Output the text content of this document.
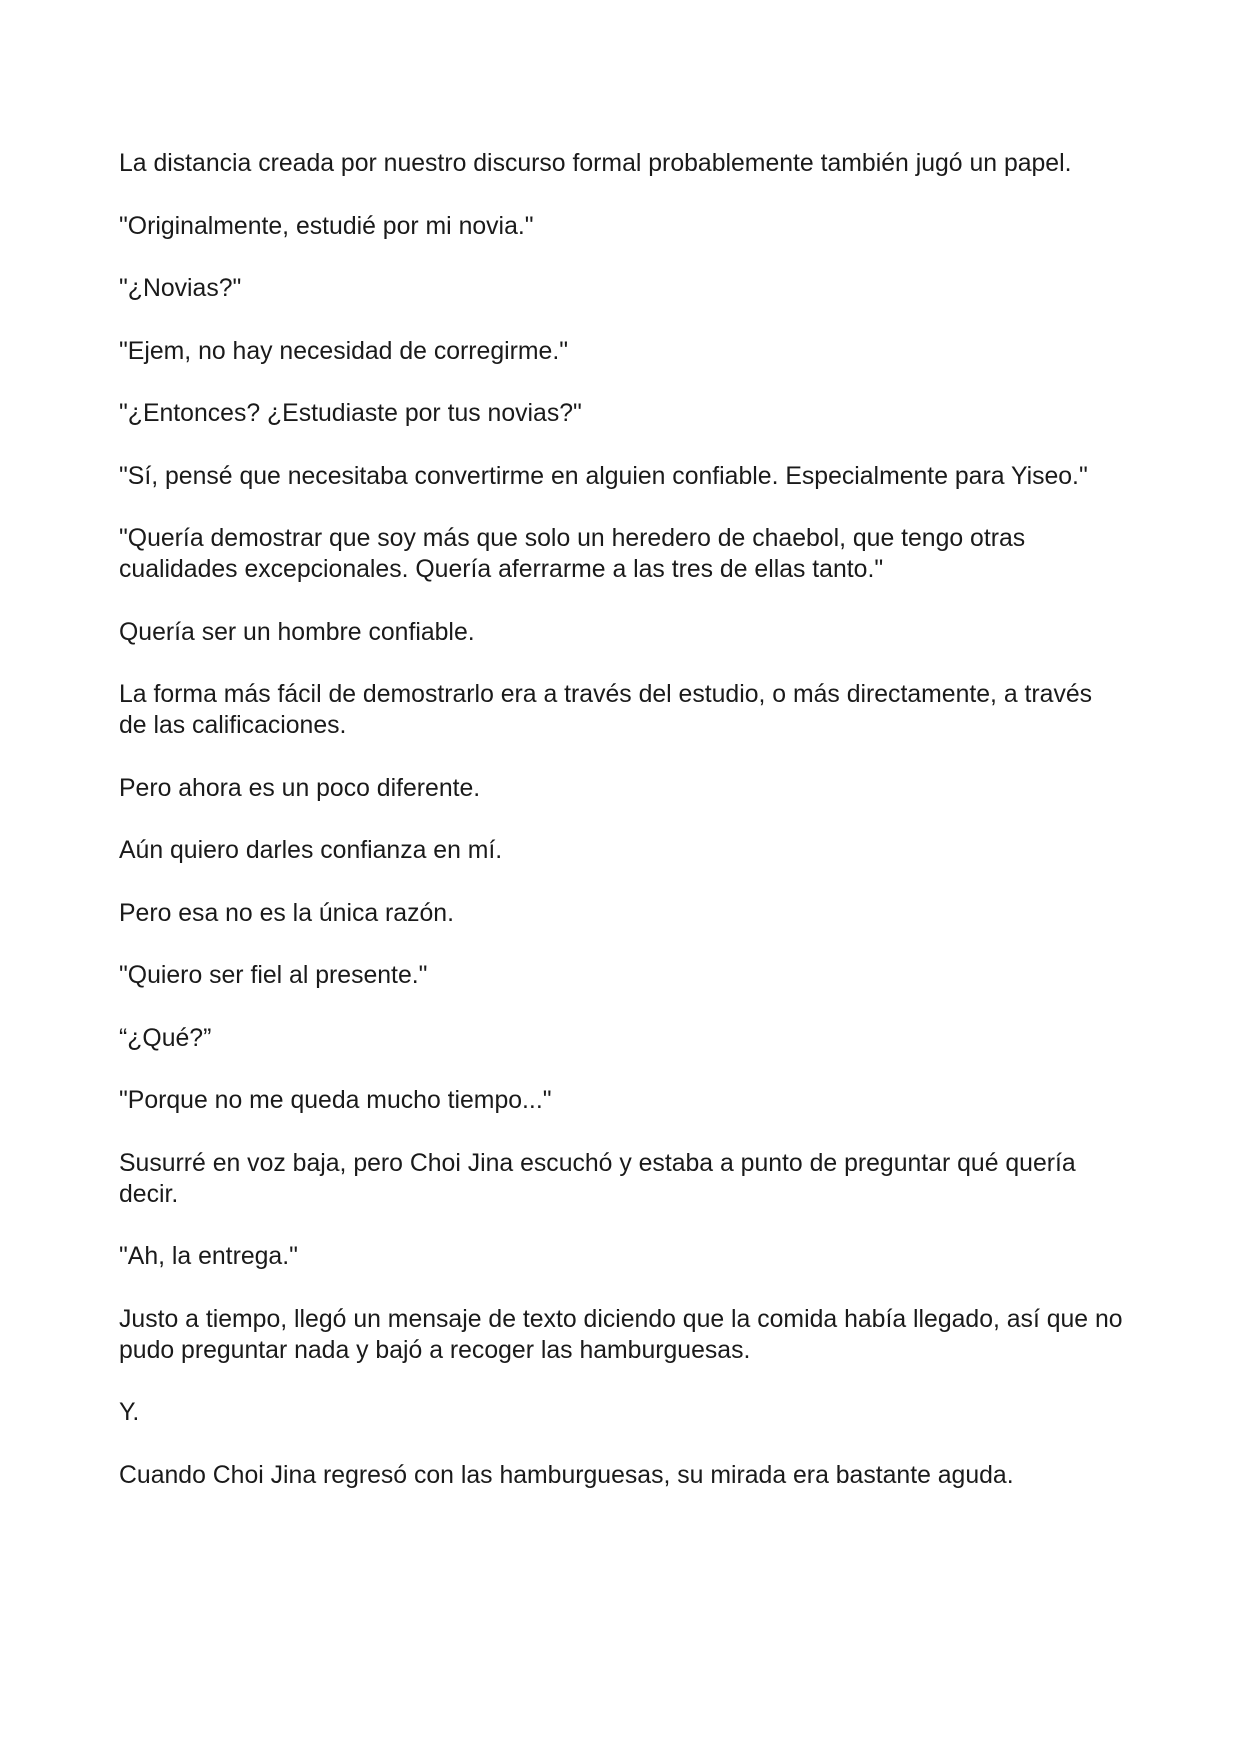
La distancia creada por nuestro discurso formal probablemente también jugó un papel.

"Originalmente, estudié por mi novia."

"¿Novias?"

"Ejem, no hay necesidad de corregirme."

"¿Entonces? ¿Estudiaste por tus novias?"

"Sí, pensé que necesitaba convertirme en alguien confiable. Especialmente para Yiseo."

"Quería demostrar que soy más que solo un heredero de chaebol, que tengo otras cualidades excepcionales. Quería aferrarme a las tres de ellas tanto."

Quería ser un hombre confiable.

La forma más fácil de demostrarlo era a través del estudio, o más directamente, a través de las calificaciones.

Pero ahora es un poco diferente.

Aún quiero darles confianza en mí.

Pero esa no es la única razón.

"Quiero ser fiel al presente."

“¿Qué?”

"Porque no me queda mucho tiempo..."

Susurré en voz baja, pero Choi Jina escuchó y estaba a punto de preguntar qué quería decir.

"Ah, la entrega."

Justo a tiempo, llegó un mensaje de texto diciendo que la comida había llegado, así que no pudo preguntar nada y bajó a recoger las hamburguesas.

Y.

Cuando Choi Jina regresó con las hamburguesas, su mirada era bastante aguda.
